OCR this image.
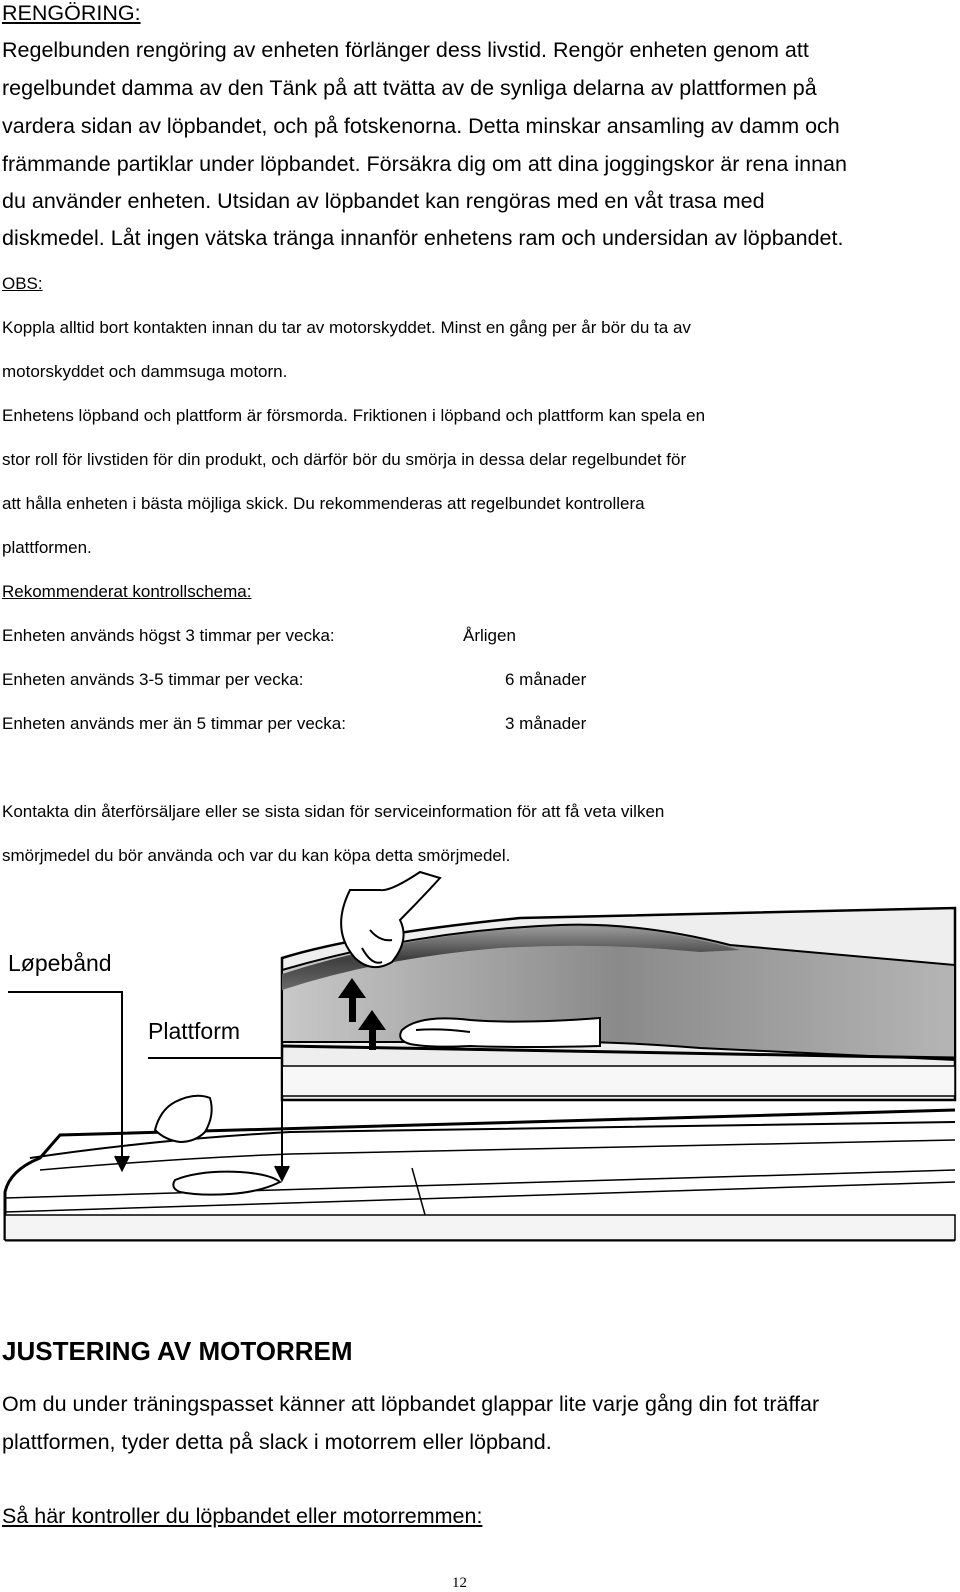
RENGÖRING:
Regelbunden rengöring av enheten förlänger dess livstid. Rengör enheten genom att
regelbundet damma av den Tänk på att tvätta av de synliga delarna av plattformen på
vardera sidan av löpbandet, och på fotskenorna. Detta minskar ansamling av damm och
främmande partiklar under löpbandet. Försäkra dig om att dina joggingskor är rena innan
du använder enheten. Utsidan av löpbandet kan rengöras med en våt trasa med
diskmedel. Låt ingen vätska tränga innanför enhetens ram och undersidan av löpbandet.
OBS:
Koppla alltid bort kontakten innan du tar av motorskyddet. Minst en gång per år bör du ta av
motorskyddet och dammsuga motorn.
Enhetens löpband och plattform är försmorda. Friktionen i löpband och plattform kan spela en
stor roll för livstiden för din produkt, och därför bör du smörja in dessa delar regelbundet för
att hålla enheten i bästa möjliga skick. Du rekommenderas att regelbundet kontrollera
plattformen.
Rekommenderat kontrollschema:
Enheten används högst 3 timmar per vecka:	Årligen
Enheten används 3-5 timmar per vecka:	6 månader
Enheten används mer än 5 timmar per vecka:	3 månader
Kontakta din återförsäljare eller se sista sidan för serviceinformation för att få veta vilken
smörjmedel du bör använda och var du kan köpa detta smörjmedel.
Løpebånd
Plattform
JUSTERING AV MOTORREM
Om du under träningspasset känner att löpbandet glappar lite varje gång din fot träffar
plattformen, tyder detta på slack i motorrem eller löpband.
Så här kontroller du löpbandet eller motorremmen:
12
